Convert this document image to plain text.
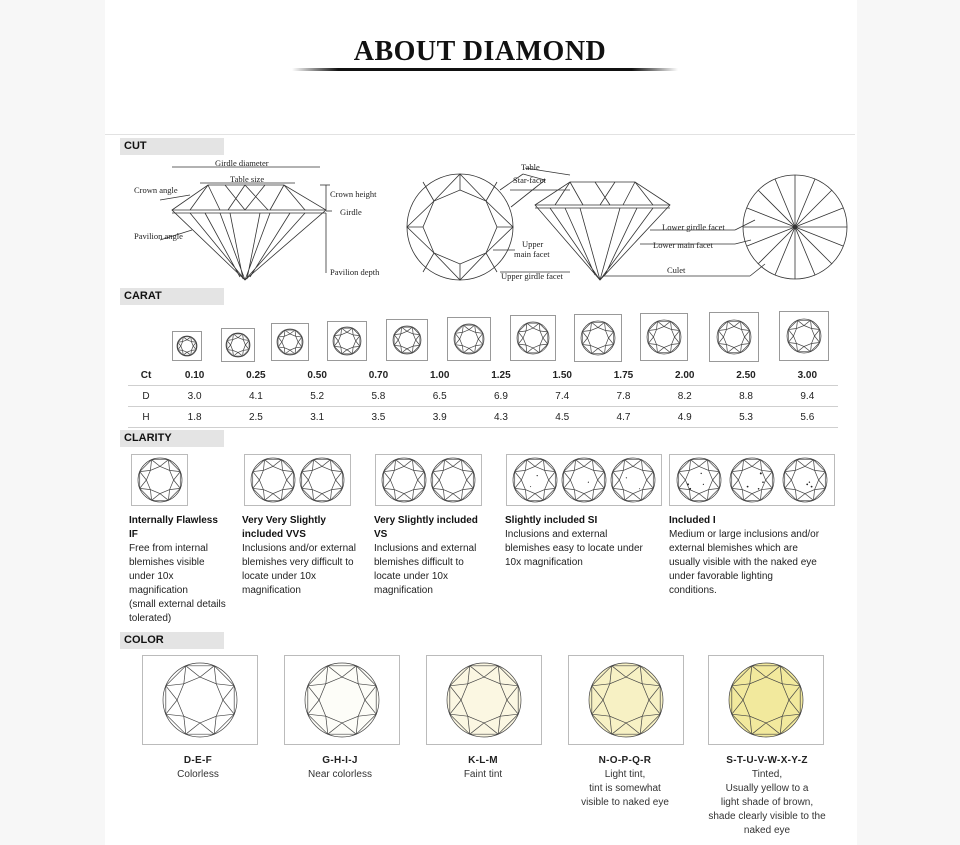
ABOUT DIAMOND
CUT
Girdle diameter
Table size
Crown angle
Pavilion angle
Crown height
Girdle
Pavilion depth
Table
Star-facet
Upper
main facet
Upper girdle facet
Lower girdle facet
Lower main facet
Culet
CARAT
Ct	0.10	0.25	0.50	0.70	1.00	1.25	1.50	1.75	2.00	2.50	3.00
D	3.0	4.1	5.2	5.8	6.5	6.9	7.4	7.8	8.2	8.8	9.4
H	1.8	2.5	3.1	3.5	3.9	4.3	4.5	4.7	4.9	5.3	5.6
CLARITY
Internally Flawless
IF
Free from internal
blemishes visible
under 10x
magnification
(small external details
tolerated)
Very Very Slightly
included VVS
Inclusions and/or external
blemishes very difficult to
locate under 10x
magnification
Very Slightly included
VS
Inclusions and external
blemishes difficult to
locate under 10x
magnification
Slightly included SI
Inclusions and external
blemishes easy to locate under
10x magnification
Included I
Medium or large inclusions and/or
external blemishes which are
usually visible with the naked eye
under favorable lighting
conditions.
COLOR
D-E-F
Colorless
G-H-I-J
Near colorless
K-L-M
Faint tint
N-O-P-Q-R
Light tint,
tint is somewhat
visible to naked eye
S-T-U-V-W-X-Y-Z
Tinted,
Usually yellow to a
light shade of brown,
shade clearly visible to the
naked eye
